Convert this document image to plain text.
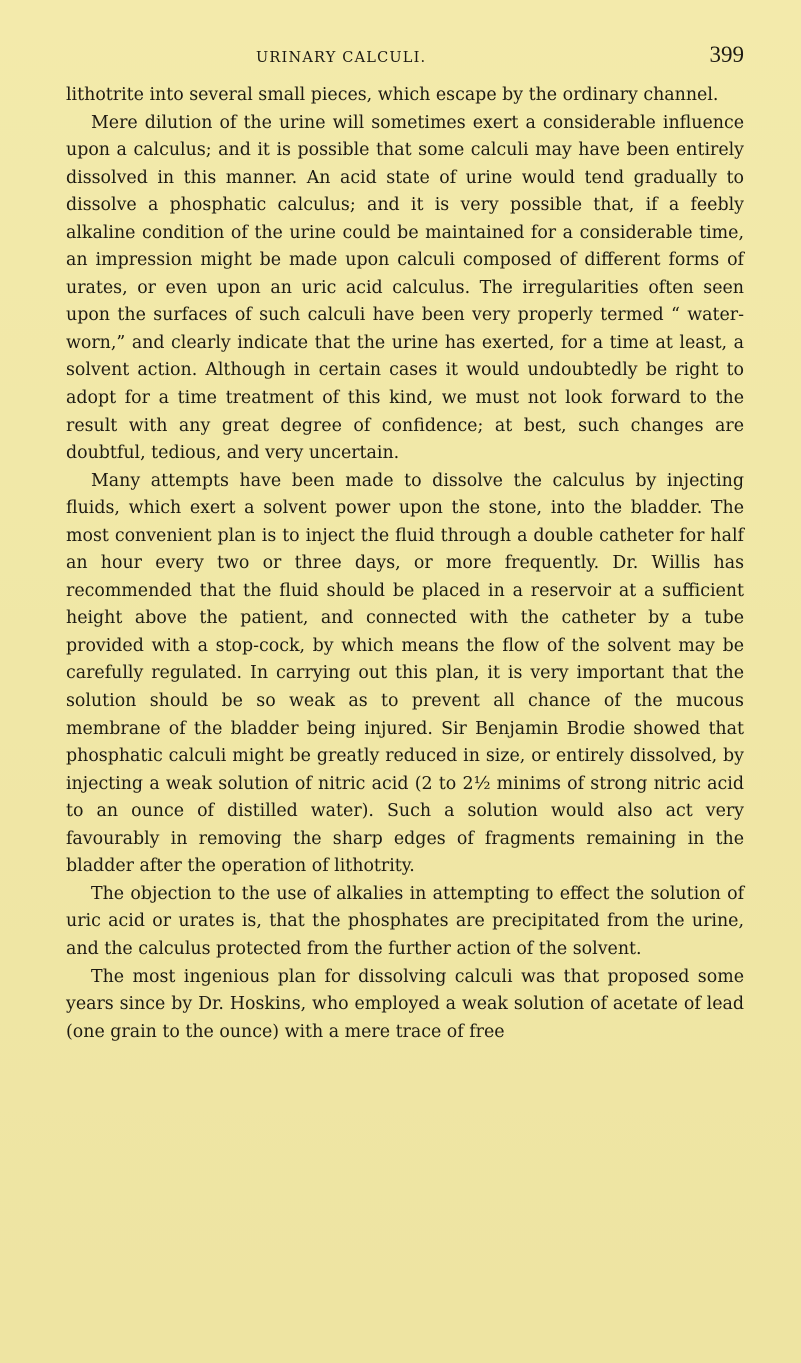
URINARY CALCULI.	399

lithotrite into several small pieces, which escape by the ordinary channel.

Mere dilution of the urine will sometimes exert a considerable influence upon a calculus; and it is possible that some calculi may have been entirely dissolved in this manner. An acid state of urine would tend gradually to dissolve a phosphatic calculus; and it is very possible that, if a feebly alkaline condition of the urine could be maintained for a considerable time, an impression might be made upon calculi composed of different forms of urates, or even upon an uric acid calculus. The irregularities often seen upon the surfaces of such calculi have been very properly termed “ water-worn,” and clearly indicate that the urine has exerted, for a time at least, a solvent action. Although in certain cases it would undoubtedly be right to adopt for a time treatment of this kind, we must not look forward to the result with any great degree of confidence; at best, such changes are doubtful, tedious, and very uncertain.

Many attempts have been made to dissolve the calculus by injecting fluids, which exert a solvent power upon the stone, into the bladder. The most convenient plan is to inject the fluid through a double catheter for half an hour every two or three days, or more frequently. Dr. Willis has recommended that the fluid should be placed in a reservoir at a sufficient height above the patient, and connected with the catheter by a tube provided with a stop-cock, by which means the flow of the solvent may be carefully regulated. In carrying out this plan, it is very important that the solution should be so weak as to prevent all chance of the mucous membrane of the bladder being injured. Sir Benjamin Brodie showed that phosphatic calculi might be greatly reduced in size, or entirely dissolved, by injecting a weak solution of nitric acid (2 to 2½ minims of strong nitric acid to an ounce of distilled water). Such a solution would also act very favourably in removing the sharp edges of fragments remaining in the bladder after the operation of lithotrity.

The objection to the use of alkalies in attempting to effect the solution of uric acid or urates is, that the phosphates are precipitated from the urine, and the calculus protected from the further action of the solvent.

The most ingenious plan for dissolving calculi was that proposed some years since by Dr. Hoskins, who employed a weak solution of acetate of lead (one grain to the ounce) with a mere trace of free
